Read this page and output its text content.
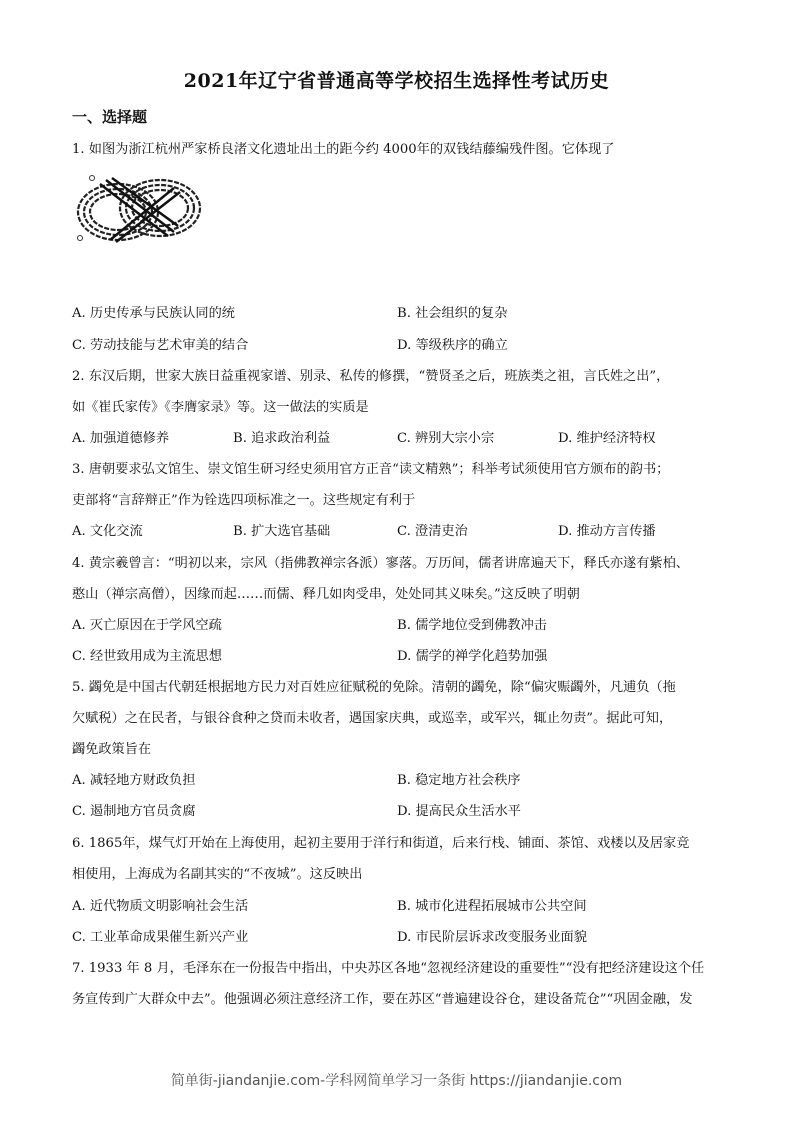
2021年辽宁省普通高等学校招生选择性考试历史
一、选择题
1. 如图为浙江杭州严家桥良渚文化遗址出土的距今约 4000年的双钱结藤编残件图。它体现了
A. 历史传承与民族认同的统	B. 社会组织的复杂
C. 劳动技能与艺术审美的结合	D. 等级秩序的确立
2. 东汉后期，世家大族日益重视家谱、别录、私传的修撰，“赞贤圣之后，班族类之祖，言氏姓之出”，
如《崔氏家传》《李膺家录》等。这一做法的实质是
A. 加强道德修养	B. 追求政治利益	C. 辨别大宗小宗	D. 维护经济特权
3. 唐朝要求弘文馆生、崇文馆生研习经史须用官方正音“读文精熟”；科举考试须使用官方颁布的韵书；
吏部将“言辞辩正”作为铨选四项标准之一。这些规定有利于
A. 文化交流	B. 扩大选官基础	C. 澄清吏治	D. 推动方言传播
4. 黄宗羲曾言：“明初以来，宗风（指佛教禅宗各派）寥落。万历间，儒者讲席遍天下，释氏亦遂有紫柏、
憨山（禅宗高僧），因缘而起……而儒、释几如肉受串，处处同其义味矣。”这反映了明朝
A. 灭亡原因在于学风空疏	B. 儒学地位受到佛教冲击
C. 经世致用成为主流思想	D. 儒学的禅学化趋势加强
5. 蠲免是中国古代朝廷根据地方民力对百姓应征赋税的免除。清朝的蠲免，除“偏灾赈蠲外，凡逋负（拖
欠赋税）之在民者，与银谷食种之贷而未收者，遇国家庆典，或巡幸，或军兴，辄止勿责”。据此可知，
蠲免政策旨在
A. 减轻地方财政负担	B. 稳定地方社会秩序
C. 遏制地方官员贪腐	D. 提高民众生活水平
6. 1865年，煤气灯开始在上海使用，起初主要用于洋行和街道，后来行栈、铺面、茶馆、戏楼以及居家竞
相使用，上海成为名副其实的“不夜城”。这反映出
A. 近代物质文明影响社会生活	B. 城市化进程拓展城市公共空间
C. 工业革命成果催生新兴产业	D. 市民阶层诉求改变服务业面貌
7. 1933 年 8 月，毛泽东在一份报告中指出，中央苏区各地“忽视经济建设的重要性”“没有把经济建设这个任
务宣传到广大群众中去”。他强调必须注意经济工作，要在苏区“普遍建设谷仓，建设备荒仓”“巩固金融，发
简单街-jiandanjie.com-学科网简单学习一条街 https://jiandanjie.com
